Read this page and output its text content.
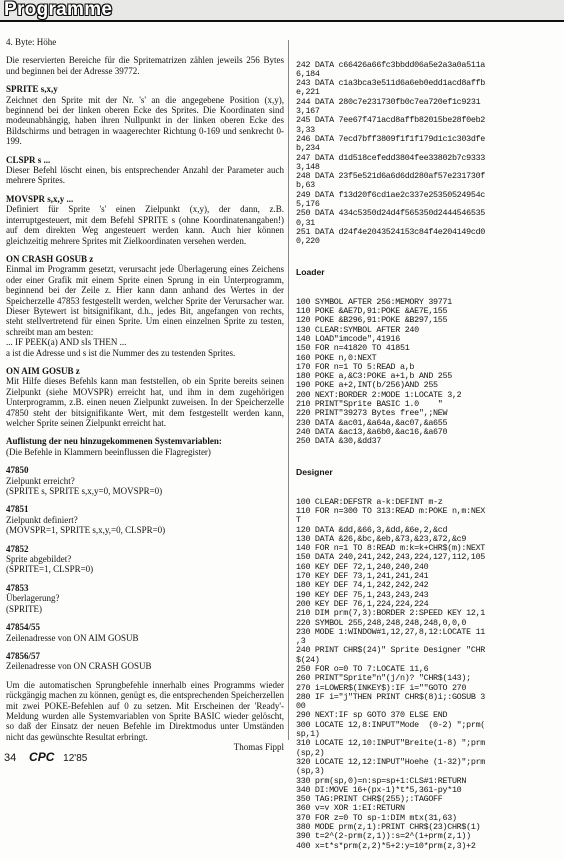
Programme

4. Byte: Höhe

Die reservierten Bereiche für die Spritematrizen zählen jeweils 256 Bytes und beginnen bei der Adresse 39772.

SPRITE s,x,y

Zeichnet den Sprite mit der Nr. 's' an die angegebene Position (x,y), beginnend bei der linken oberen Ecke des Sprites. Die Koordinaten sind modeunabhängig, haben ihren Nullpunkt in der linken oberen Ecke des Bildschirms und betragen in waagerechter Richtung 0-169 und senkrecht 0-199.

CLSPR s ...

Dieser Befehl löscht einen, bis entsprechender Anzahl der Parameter auch mehrere Sprites.

MOVSPR s,x,y ...

Definiert für Sprite 's' einen Zielpunkt (x,y), der dann, z.B. interruptgesteuert, mit dem Befehl SPRITE s (ohne Koordinatenangaben!) auf dem direkten Weg angesteuert werden kann. Auch hier können gleichzeitig mehrere Sprites mit Zielkoordinaten versehen werden.

ON CRASH GOSUB z

Einmal im Programm gesetzt, verursacht jede Überlagerung eines Zeichens oder einer Grafik mit einem Sprite einen Sprung in ein Unterprogramm, beginnend bei der Zeile z. Hier kann dann anhand des Wertes in der Speicherzelle 47853 festgestellt werden, welcher Sprite der Verursacher war. Dieser Bytewert ist bitsignifikant, d.h., jedes Bit, angefangen von rechts, steht stellvertretend für einen Sprite. Um einen einzelnen Sprite zu testen, schreibt man am besten:

... IF PEEK(a) AND sIs THEN ...

a ist die Adresse und s ist die Nummer des zu testenden Sprites.

ON AIM GOSUB z

Mit Hilfe dieses Befehls kann man feststellen, ob ein Sprite bereits seinen Zielpunkt (siehe MOVSPR) erreicht hat, und ihm in dem zugehörigen Unterprogramm, z.B. einen neuen Zielpunkt zuweisen. In der Speicherzelle 47850 steht der bitsignifikante Wert, mit dem festgestellt werden kann, welcher Sprite seinen Zielpunkt erreicht hat.

Auflistung der neu hinzugekommenen Systemvariablen:
(Die Befehle in Klammern beeinflussen die Flagregister)
47850
Zielpunkt erreicht?
(SPRITE s, SPRITE s,x,y=0, MOVSPR=0)
47851
Zielpunkt definiert?
(MOVSPR=1, SPRITE s,x,y,=0, CLSPR=0)
47852
Sprite abgebildet?
(SPRITE=1, CLSPR=0)
47853
Überlagerung?
(SPRITE)
47854/55
Zeilenadresse von ON AIM GOSUB
47856/57
Zeilenadresse von ON CRASH GOSUB

Um die automatischen Sprungbefehle innerhalb eines Programms wieder rückgängig machen zu können, genügt es, die entsprechenden Speicherzellen mit zwei POKE-Befehlen auf 0 zu setzen. Mit Erscheinen der 'Ready'-Meldung wurden alle Systemvariablen von Sprite BASIC wieder gelöscht, so daß der Einsatz der neuen Befehle im Direktmodus unter Umständen nicht das gewünschte Resultat erbringt.

Thomas Fippl

242 DATA c66426a66fc3bbdd06a5e2a3a0a511a
6,184
243 DATA c1a3bca3e511d6a6eb0edd1acd8affb
e,221
244 DATA 280c7e231730fb0c7ea720ef1c9231
3,167
245 DATA 7ee67f471acd8affb82015be28f0eb2
3,33
246 DATA 7ecd7bff3809f1f1f179d1c1c303dfe
b,234
247 DATA d1d518cefedd3804fee33802b7c9333
3,148
248 DATA 23f5e521d6a6d6dd280af57e231730f
b,63
249 DATA f13d20f6cd1ae2c337e25350524954c
5,176
250 DATA 434c5350d24d4f565350d2444546535
0,31
251 DATA d24f4e2043524153c84f4e204149cd0
0,220

Loader

100 SYMBOL AFTER 256:MEMORY 39771
110 POKE &AE7D,91:POKE &AE7E,155
120 POKE &B296,91:POKE &B297,155
130 CLEAR:SYMBOL AFTER 240
140 LOAD"imcode",41916
150 FOR n=41820 TO 41851
160 POKE n,0:NEXT
170 FOR n=1 TO 5:READ a,b
180 POKE a,&C3:POKE a+1,b AND 255
190 POKE a+2,INT(b/256)AND 255
200 NEXT:BORDER 2:MODE 1:LOCATE 3,2
210 PRINT"Sprite BASIC 1.0    "
220 PRINT"39273 Bytes free",;NEW
230 DATA &ac01,&a64a,&ac07,&a655
240 DATA &ac13,&a6b0,&ac16,&a670
250 DATA &30,&dd37

Designer

100 CLEAR:DEFSTR a-k:DEFINT m-z
110 FOR n=300 TO 313:READ m:POKE n,m:NEX
T
120 DATA &dd,&66,3,&dd,&6e,2,&cd
130 DATA &26,&bc,&eb,&73,&23,&72,&c9
140 FOR n=1 TO 8:READ m:k=k+CHR$(m):NEXT
150 DATA 240,241,242,243,224,127,112,105
160 KEY DEF 72,1,240,240,240
170 KEY DEF 73,1,241,241,241
180 KEY DEF 74,1,242,242,242
190 KEY DEF 75,1,243,243,243
200 KEY DEF 76,1,224,224,224
210 DIM prm(7,3):BORDER 2:SPEED KEY 12,1
220 SYMBOL 255,248,248,248,248,0,0,0
230 MODE 1:WINDOW#1,12,27,8,12:LOCATE 11
,3
240 PRINT CHR$(24)" Sprite Designer "CHR
$(24)
250 FOR o=0 TO 7:LOCATE 11,6
260 PRINT"Sprite"n"(j/n)? "CHR$(143);
270 i=LOWER$(INKEY$):IF i=""GOTO 270
280 IF i="j"THEN PRINT CHR$(8)i;:GOSUB 3
00
290 NEXT:IF sp GOTO 370 ELSE END
300 LOCATE 12,8:INPUT"Mode  (0-2) ";prm(
sp,1)
310 LOCATE 12,10:INPUT"Breite(1-8) ";prm
(sp,2)
320 LOCATE 12,12:INPUT"Hoehe (1-32)";prm
(sp,3)
330 prm(sp,0)=n:sp=sp+1:CLS#1:RETURN
340 DI:MOVE 16+(px-1)*t*5,361-py*10
350 TAG:PRINT CHR$(255);:TAGOFF
360 v=v XOR 1:EI:RETURN
370 FOR z=0 TO sp-1:DIM mtx(31,63)
380 MODE prm(z,1):PRINT CHR$(23)CHR$(1)
390 t=2^(2-prm(z,1)):s=2^(1+prm(z,1))
400 x=t*s*prm(z,2)*5+2:y=10*prm(z,3)+2

34 CPC 12'85
